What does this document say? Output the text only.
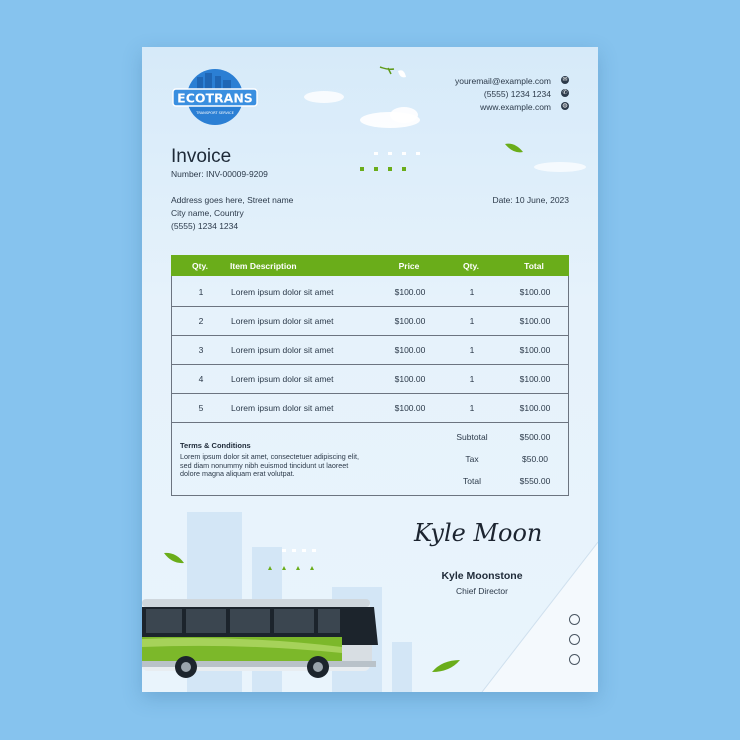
ECOTRANS
TRANSPORT SERVICE
youremail@example.com
(5555) 1234 1234
www.example.com
✉
✆
◍
Invoice
Number: INV-00009-9209
Address goes here, Street name
City name, Country
(5555) 1234 1234
Date: 10 June, 2023
Qty.	Item Description	Price	Qty.	Total
1	Lorem ipsum dolor sit amet	$100.00	1	$100.00
2	Lorem ipsum dolor sit amet	$100.00	1	$100.00
3	Lorem ipsum dolor sit amet	$100.00	1	$100.00
4	Lorem ipsum dolor sit amet	$100.00	1	$100.00
5	Lorem ipsum dolor sit amet	$100.00	1	$100.00
Terms & Conditions
Lorem ipsum dolor sit amet, consectetuer adipiscing elit, sed diam nonummy nibh euismod tincidunt ut laoreet dolore magna aliquam erat volutpat.
Subtotal	$500.00
Tax	$50.00
Total	$550.00
Kyle Moon
Kyle Moonstone
Chief Director
